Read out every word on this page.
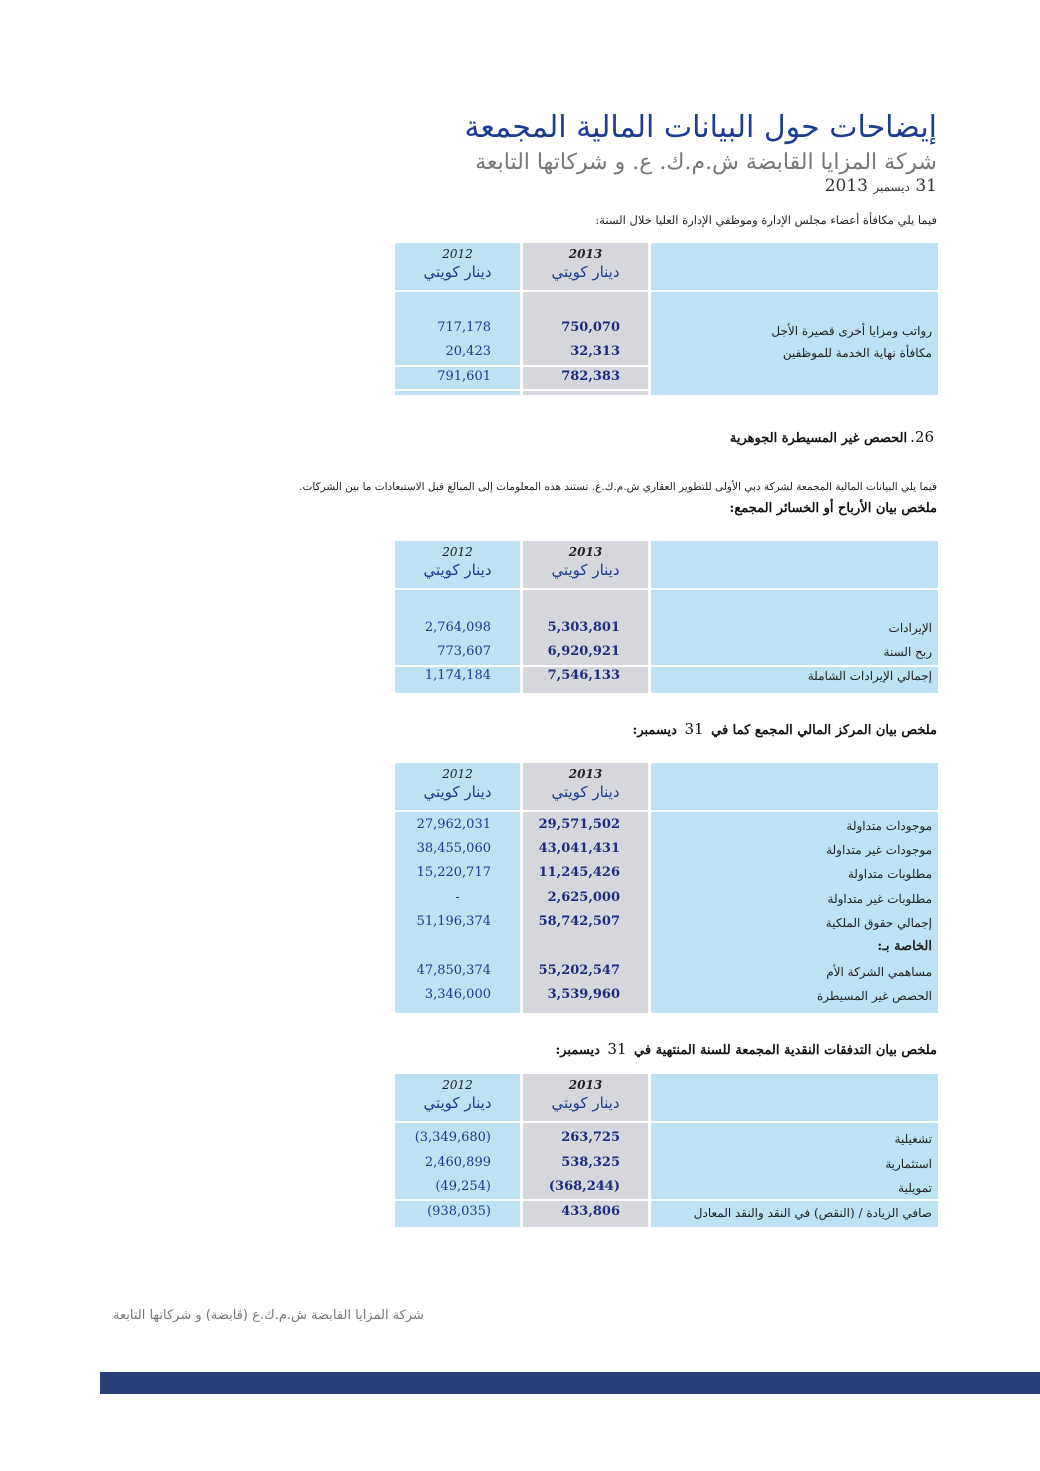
إيضاحات حول البيانات المالية المجمعة
شركة المزايا القابضة ش.م.ك. ع. و شركاتها التابعة
31 ديسمبر 2013
فيما يلي مكافأة أعضاء مجلس الإدارة وموظفي الإدارة العليا خلال السنة:
2012	2013
دينار كويتي	دينار كويتي
717,178	750,070	رواتب ومزايا أخرى قصيرة الأجل
20,423	32,313	مكافأة نهاية الخدمة للموظفين
791,601	782,383
26.الحصص غير المسيطرة الجوهرية
فيما يلي البيانات المالية المجمعة لشركة دبي الأولى للتطوير العقاري ش.م.ك.ع. تستند هذه المعلومات إلى المبالغ قبل الاستبعادات ما بين الشركات.
ملخص بيان الأرباح أو الخسائر المجمع:
2012	2013
دينار كويتي	دينار كويتي
2,764,098	5,303,801	الإيرادات
773,607	6,920,921	ربح السنة
1,174,184	7,546,133	إجمالي الإيرادات الشاملة
ملخص بيان المركز المالي المجمع كما في 31 ديسمبر:
2012	2013
دينار كويتي	دينار كويتي
27,962,031	29,571,502	موجودات متداولة
38,455,060	43,041,431	موجودات غير متداولة
15,220,717	11,245,426	مطلوبات متداولة
-	2,625,000	مطلوبات غير متداولة
51,196,374	58,742,507	إجمالي حقوق الملكية
الخاصة بـ:
47,850,374	55,202,547	مساهمي الشركة الأم
3,346,000	3,539,960	الحصص غير المسيطرة
ملخص بيان التدفقات النقدية المجمعة للسنة المنتهية في 31 ديسمبر:
2012	2013
دينار كويتي	دينار كويتي
(3,349,680)	263,725	تشغيلية
2,460,899	538,325	استثمارية
(49,254)	(368,244)	تمويلية
(938,035)	433,806	صافي الزيادة / (النقص) في النقد والنقد المعادل
شركة المزايا القابضة ش.م.ك.ع (قابضة) و شركاتها التابعة
